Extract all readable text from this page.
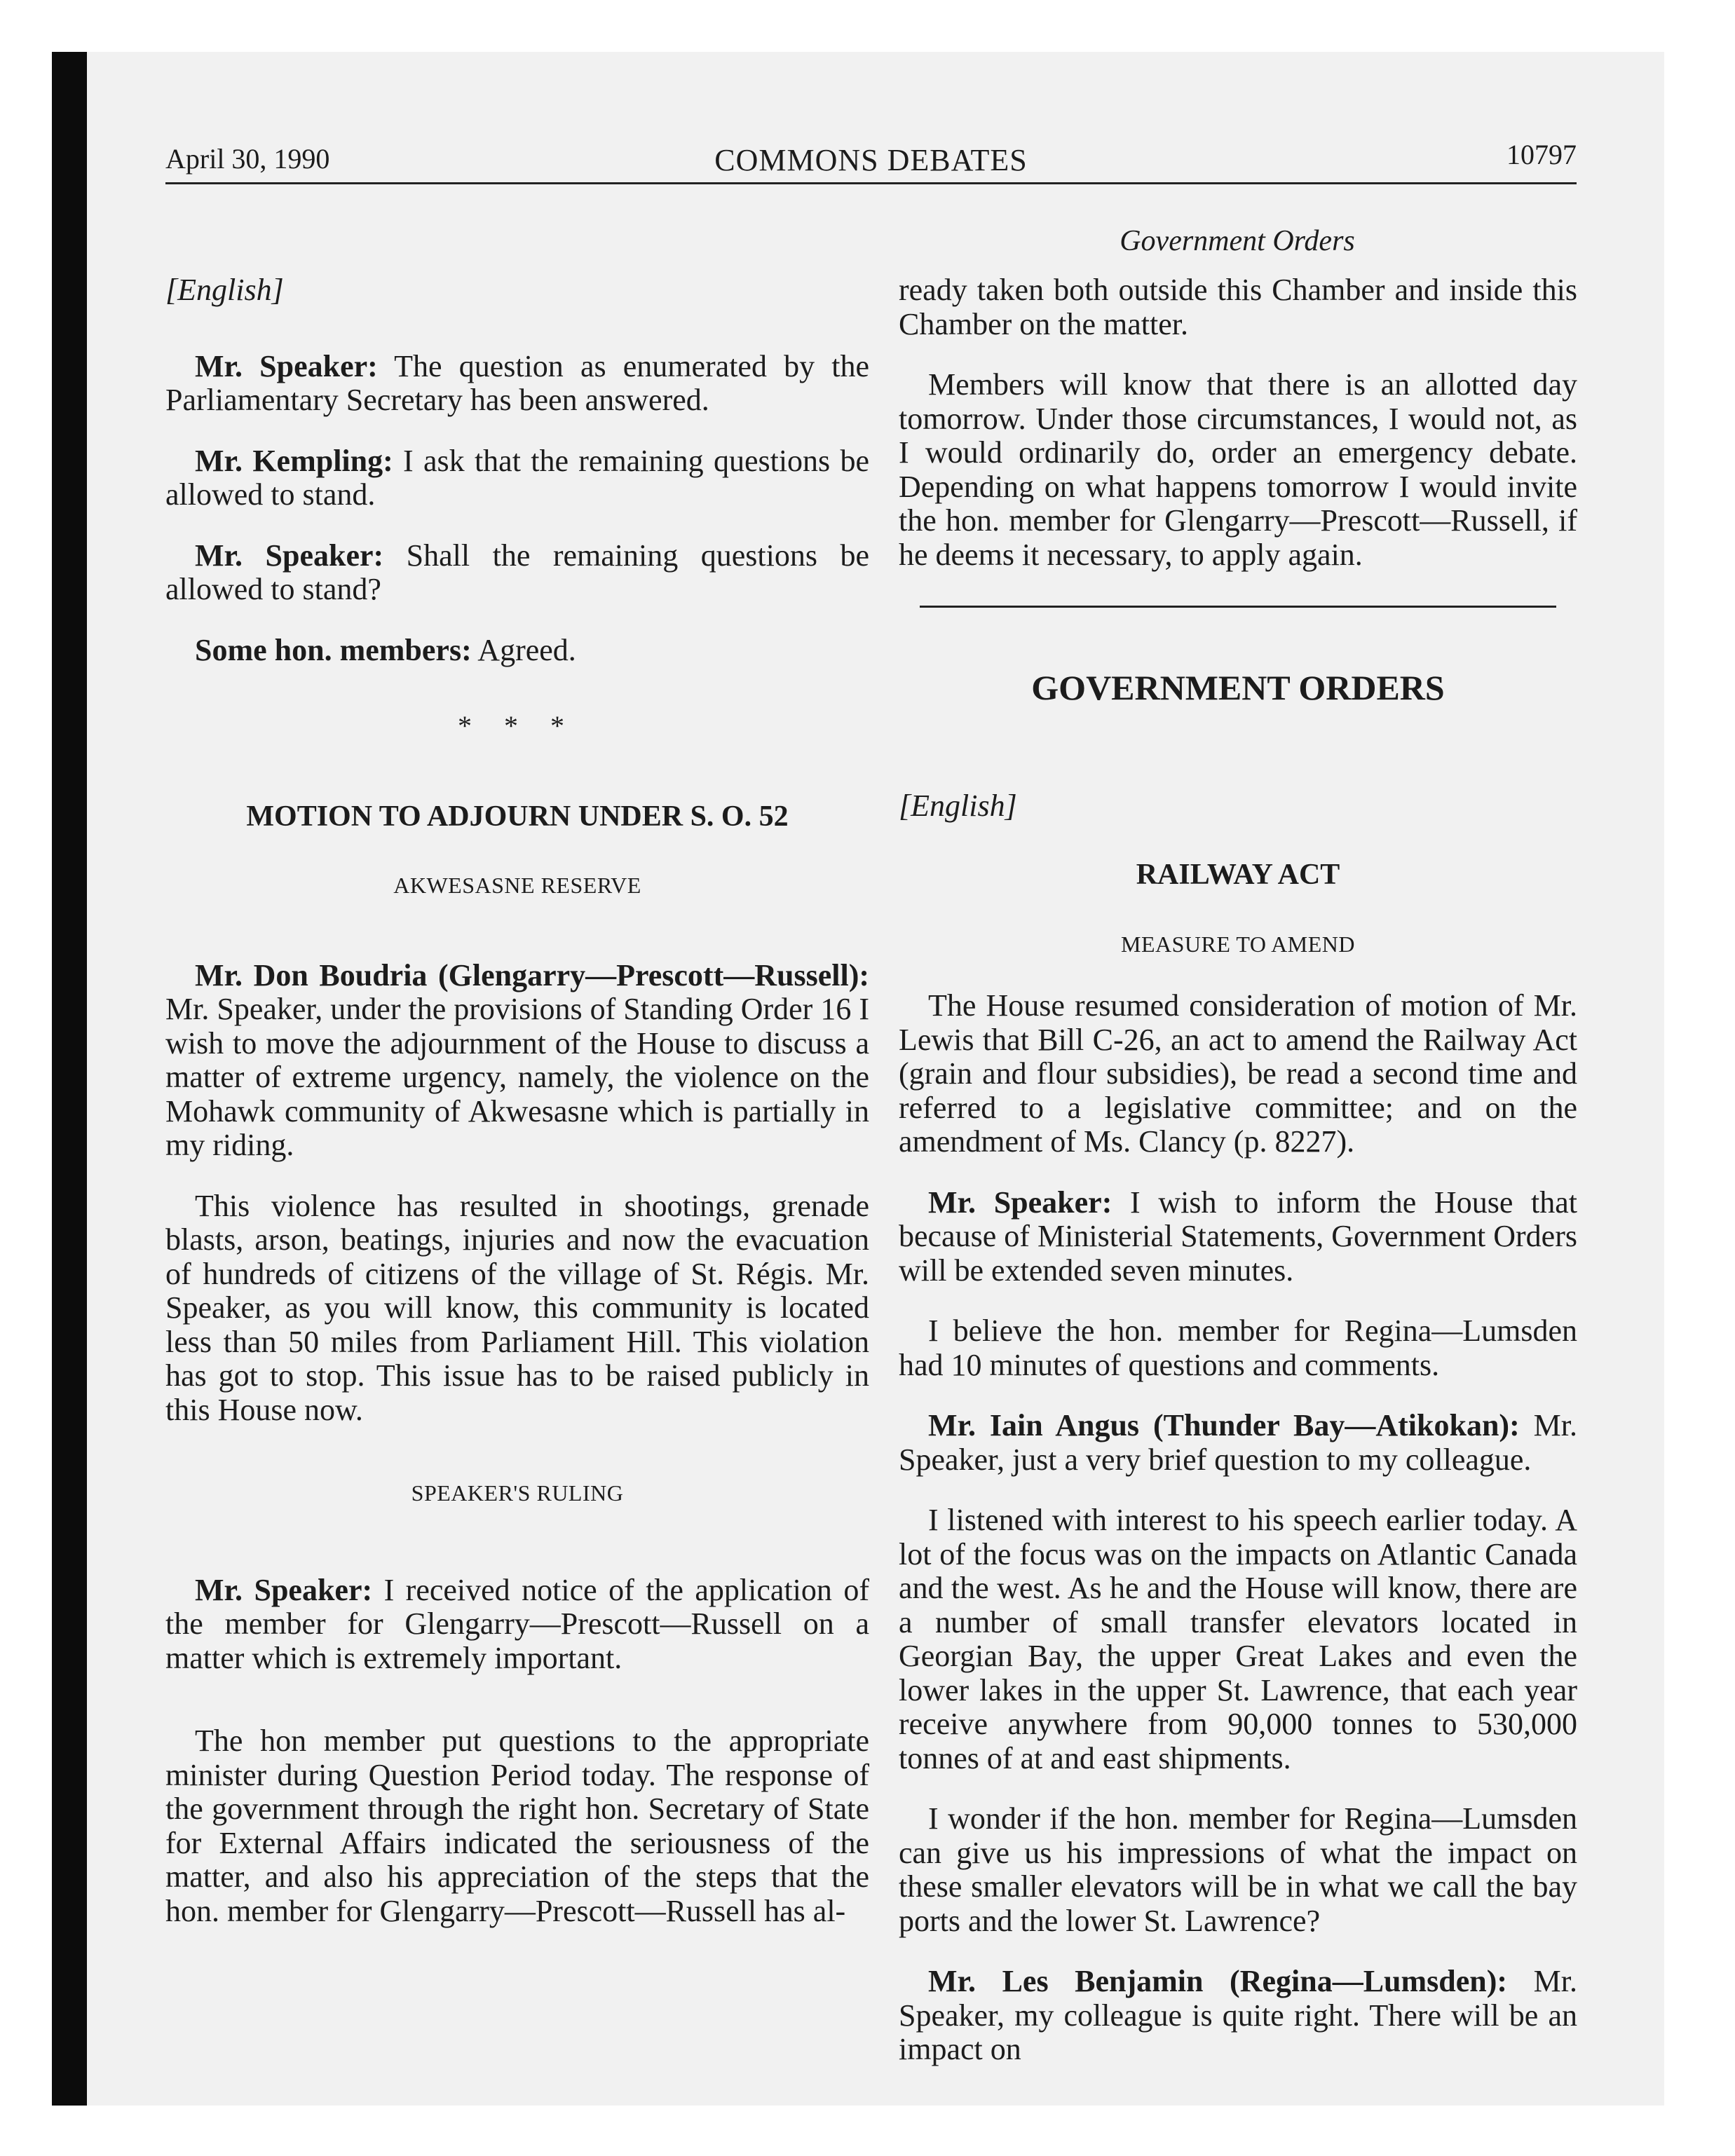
April 30, 1990	COMMONS DEBATES	10797
Government Orders
[English]

Mr. Speaker: The question as enumerated by the Parliamentary Secretary has been answered.

Mr. Kempling: I ask that the remaining questions be allowed to stand.

Mr. Speaker: Shall the remaining questions be allowed to stand?

Some hon. members: Agreed.

* * *
MOTION TO ADJOURN UNDER S. O. 52
AKWESASNE RESERVE

Mr. Don Boudria (Glengarry—Prescott—Russell): Mr. Speaker, under the provisions of Standing Order 16 I wish to move the adjournment of the House to discuss a matter of extreme urgency, namely, the violence on the Mohawk community of Akwesasne which is partially in my riding.

This violence has resulted in shootings, grenade blasts, arson, beatings, injuries and now the evacuation of hundreds of citizens of the village of St. Régis. Mr. Speaker, as you will know, this community is located less than 50 miles from Parliament Hill. This violation has got to stop. This issue has to be raised publicly in this House now.

SPEAKER'S RULING

Mr. Speaker: I received notice of the application of the member for Glengarry—Prescott—Russell on a matter which is extremely important.

The hon member put questions to the appropriate minister during Question Period today. The response of the government through the right hon. Secretary of State for External Affairs indicated the seriousness of the matter, and also his appreciation of the steps that the hon. member for Glengarry—Prescott—Russell has al-

ready taken both outside this Chamber and inside this Chamber on the matter.

Members will know that there is an allotted day tomorrow. Under those circumstances, I would not, as I would ordinarily do, order an emergency debate. Depending on what happens tomorrow I would invite the hon. member for Glengarry—Prescott—Russell, if he deems it necessary, to apply again.

GOVERNMENT ORDERS
[English]
RAILWAY ACT
MEASURE TO AMEND

The House resumed consideration of motion of Mr. Lewis that Bill C-26, an act to amend the Railway Act (grain and flour subsidies), be read a second time and referred to a legislative committee; and on the amendment of Ms. Clancy (p. 8227).

Mr. Speaker: I wish to inform the House that because of Ministerial Statements, Government Orders will be extended seven minutes.

I believe the hon. member for Regina—Lumsden had 10 minutes of questions and comments.

Mr. Iain Angus (Thunder Bay—Atikokan): Mr. Speaker, just a very brief question to my colleague.

I listened with interest to his speech earlier today. A lot of the focus was on the impacts on Atlantic Canada and the west. As he and the House will know, there are a number of small transfer elevators located in Georgian Bay, the upper Great Lakes and even the lower lakes in the upper St. Lawrence, that each year receive anywhere from 90,000 tonnes to 530,000 tonnes of at and east shipments.

I wonder if the hon. member for Regina—Lumsden can give us his impressions of what the impact on these smaller elevators will be in what we call the bay ports and the lower St. Lawrence?

Mr. Les Benjamin (Regina—Lumsden): Mr. Speaker, my colleague is quite right. There will be an impact on
